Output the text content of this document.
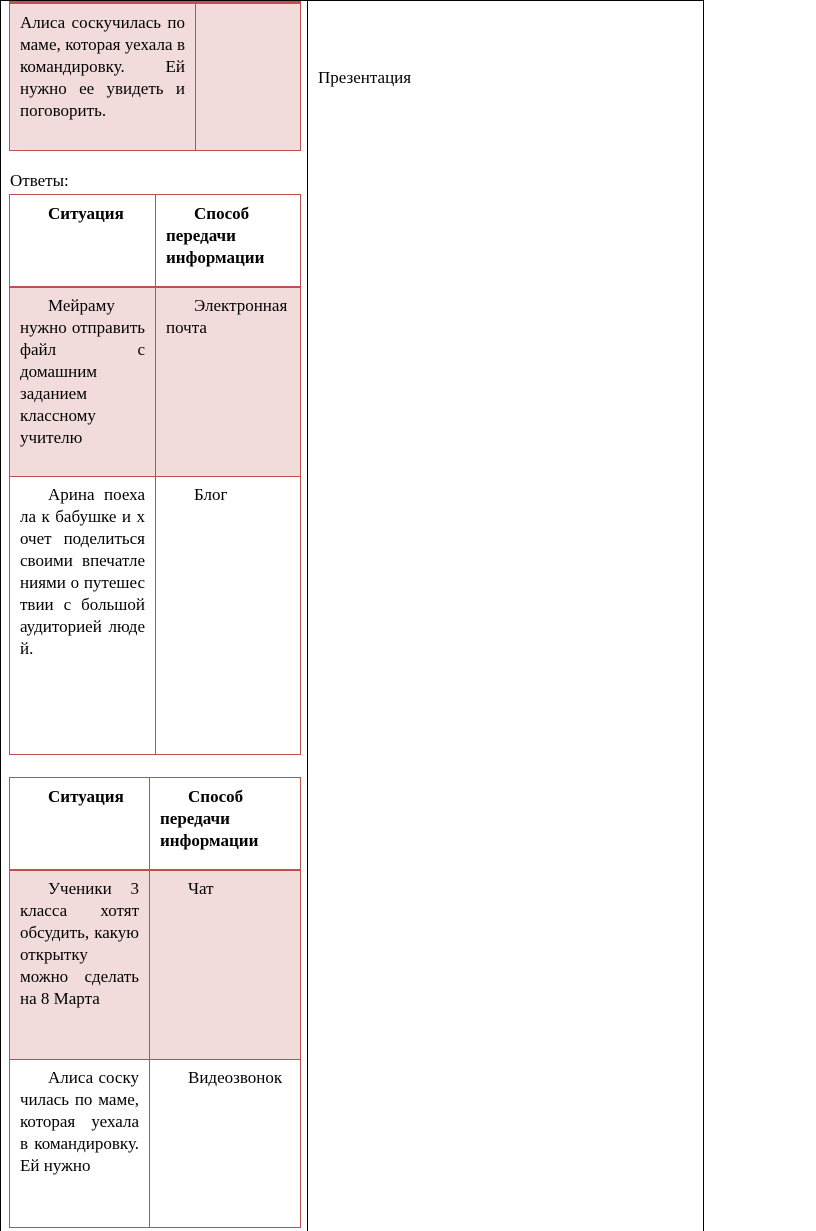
Презентация

Алиса соскучилась по маме, которая уехала в командировку. Ей нужно ее увидеть и поговорить.

Ответы:

Ситуация	Способ передачи информации

Мейраму нужно отправить файл с домашним заданием классному учителю	Электронная почта

Арина поехала к бабушке и хочет поделиться своими впечатлениями о путешествии с большой аудиторией людей.	Блог

Ситуация	Способ передачи информации

Ученики 3 класса хотят обсудить, какую открытку можно сделать на 8 Марта	Чат

Алиса соскучилась по маме, которая уехала в командировку. Ей нужно	Видеозвонок
